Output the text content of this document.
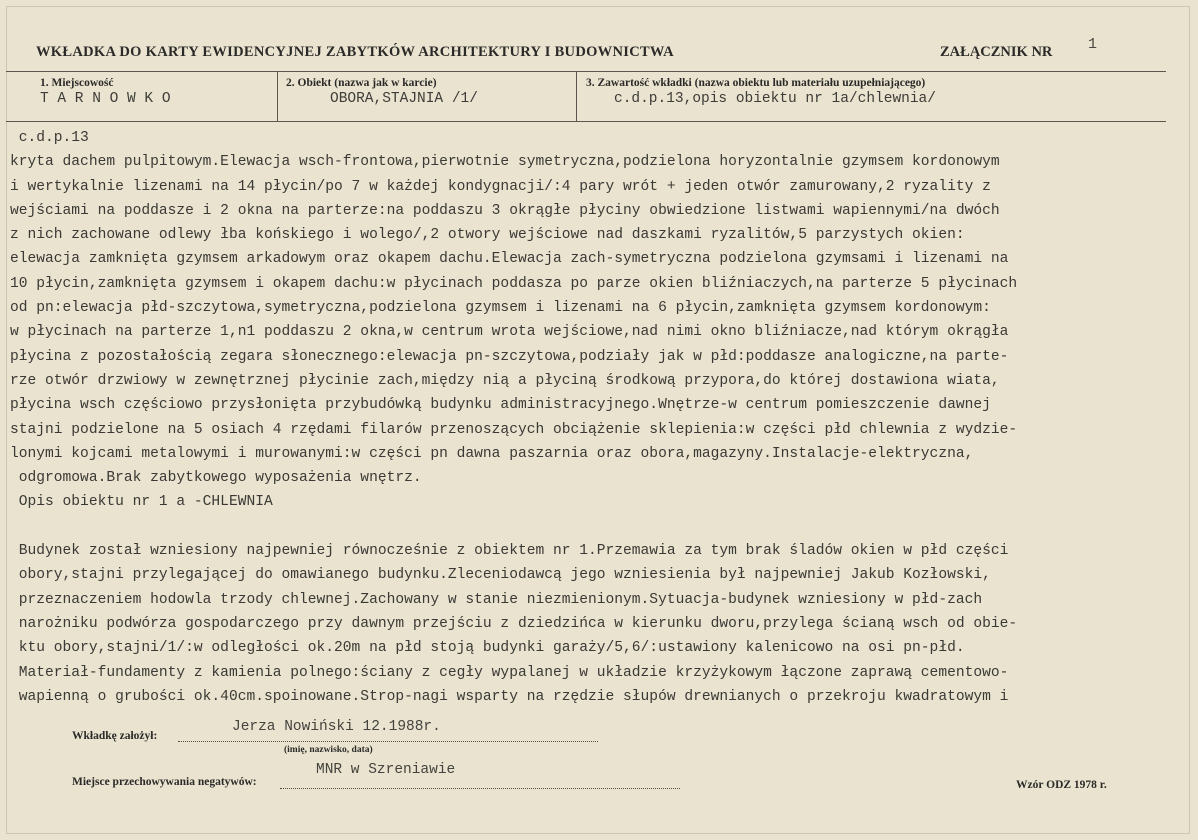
WKŁADKA DO KARTY EWIDENCYJNEJ ZABYTKÓW ARCHITEKTURY I BUDOWNICTWA	ZAŁĄCZNIK NR 1
1. Miejscowość
T A R N O W K O
2. Obiekt (nazwa jak w karcie)
OBORA,STAJNIA /1/
3. Zawartość wkładki (nazwa obiektu lub materiału uzupełniającego)
c.d.p.13,opis obiektu nr 1a/chlewnia/
c.d.p.13
kryta dachem pulpitowym.Elewacja wsch-frontowa,pierwotnie symetryczna,podzielona horyzontalnie gzymsem kordonowym
i wertykalnie lizenami na 14 płycin/po 7 w każdej kondygnacji/:4 pary wrót + jeden otwór zamurowany,2 ryzality z
wejściami na poddasze i 2 okna na parterze:na poddaszu 3 okrągłe płyciny obwiedzione listwami wapiennymi/na dwóch
z nich zachowane odlewy łba końskiego i wolego/,2 otwory wejściowe nad daszkami ryzalitów,5 parzystych okien:
elewacja zamknięta gzymsem arkadowym oraz okapem dachu.Elewacja zach-symetryczna podzielona gzymsami i lizenami na
10 płycin,zamknięta gzymsem i okapem dachu:w płycinach poddasza po parze okien bliźniaczych,na parterze 5 płycinach
od pn:elewacja płd-szczytowa,symetryczna,podzielona gzymsem i lizenami na 6 płycin,zamknięta gzymsem kordonowym:
w płycinach na parterze 1,n1 poddaszu 2 okna,w centrum wrota wejściowe,nad nimi okno bliźniacze,nad którym okrągła
płycina z pozostałością zegara słonecznego:elewacja pn-szczytowa,podziały jak w płd:poddasze analogiczne,na parte-
rze otwór drzwiowy w zewnętrznej płycinie zach,między nią a płyciną środkową przypora,do której dostawiona wiata,
płycina wsch częściowo przysłonięta przybudówką budynku administracyjnego.Wnętrze-w centrum pomieszczenie dawnej
stajni podzielone na 5 osiach 4 rzędami filarów przenoszących obciążenie sklepienia:w części płd chlewnia z wydzie-
lonymi kojcami metalowymi i murowanymi:w części pn dawna paszarnia oraz obora,magazyny.Instalacje-elektryczna,
odgromowa.Brak zabytkowego wyposażenia wnętrz.
Opis obiektu nr 1 a -CHLEWNIA
Budynek został wzniesiony najpewniej równocześnie z obiektem nr 1.Przemawia za tym brak śladów okien w płd części
obory,stajni przylegającej do omawianego budynku.Zleceniodawcą jego wzniesienia był najpewniej Jakub Kozłowski,
przeznaczeniem hodowla trzody chlewnej.Zachowany w stanie niezmienionym.Sytuacja-budynek wzniesiony w płd-zach
narożniku podwórza gospodarczego przy dawnym przejściu z dziedzińca w kierunku dworu,przylega ścianą wsch od obie-
ktu obory,stajni/1/:w odległości ok.20m na płd stoją budynki garaży/5,6/:ustawiony kalenicowo na osi pn-płd.
Materiał-fundamenty z kamienia polnego:ściany z cegły wypalanej w układzie krzyżykowym łączone zaprawą cementowo-
wapienną o grubości ok.40cm.spoinowane.Strop-nagi wsparty na rzędzie słupów drewnianych o przekroju kwadratowym i
Wkładkę założył:
Jerza Nowiński 12.1988r.
(imię, nazwisko, data)
Miejsce przechowywania negatywów:
MNR w Szreniawie
Wzór ODZ 1978 r.
